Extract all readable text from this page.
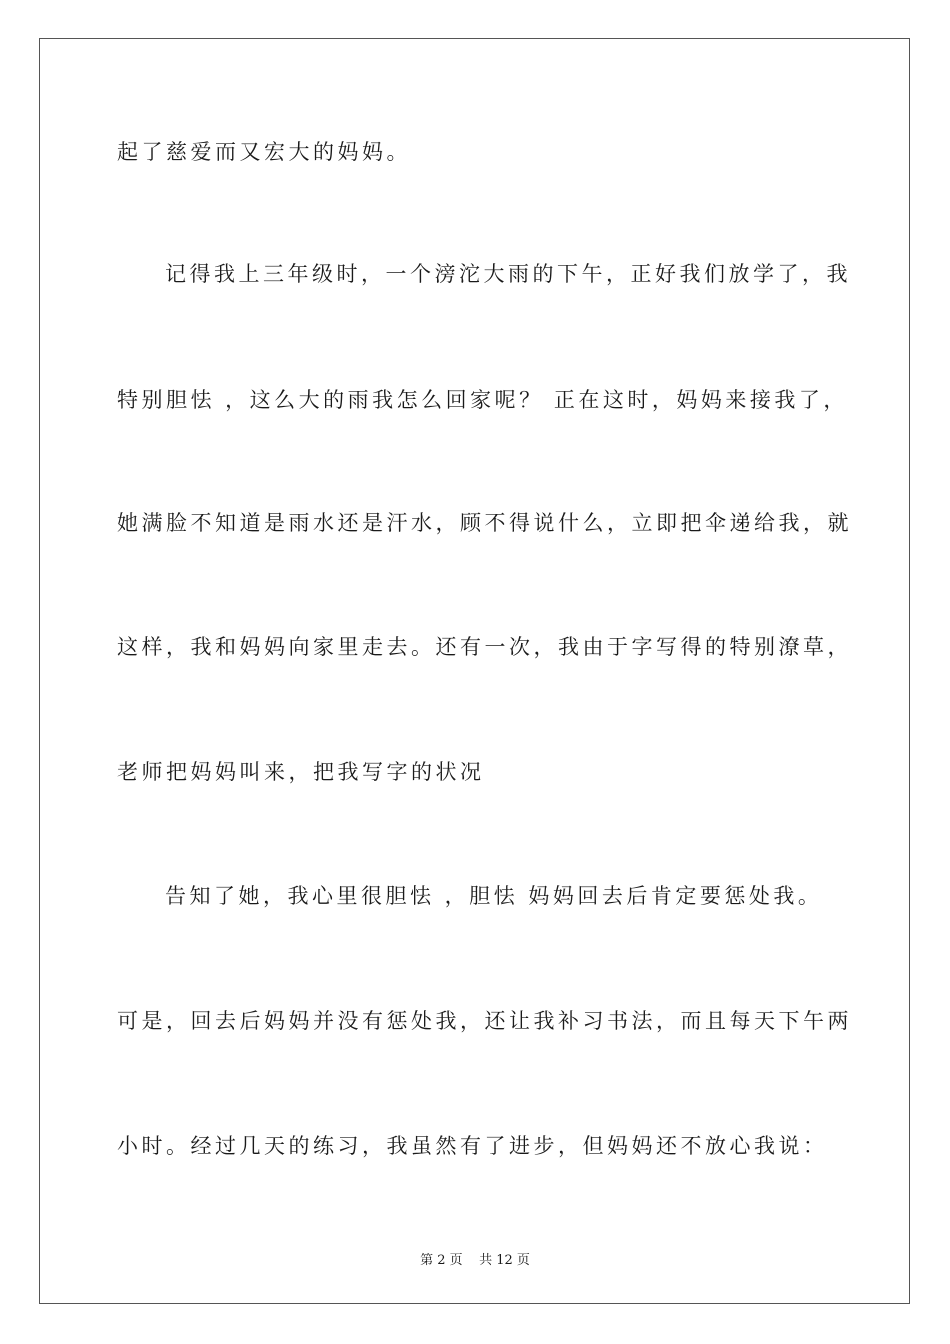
起了慈爱而又宏大的妈妈。
记得我上三年级时，一个滂沱大雨的下午，正好我们放学了，我
特别胆怯 ，这么大的雨我怎么回家呢？ 正在这时，妈妈来接我了，
她满脸不知道是雨水还是汗水，顾不得说什么，立即把伞递给我，就
这样，我和妈妈向家里走去。还有一次，我由于字写得的特别潦草，
老师把妈妈叫来，把我写字的状况
告知了她，我心里很胆怯 ，胆怯 妈妈回去后肯定要惩处我。
可是，回去后妈妈并没有惩处我，还让我补习书法，而且每天下午两
小时。经过几天的练习，我虽然有了进步，但妈妈还不放心我说：
第 2 页    共 12 页
